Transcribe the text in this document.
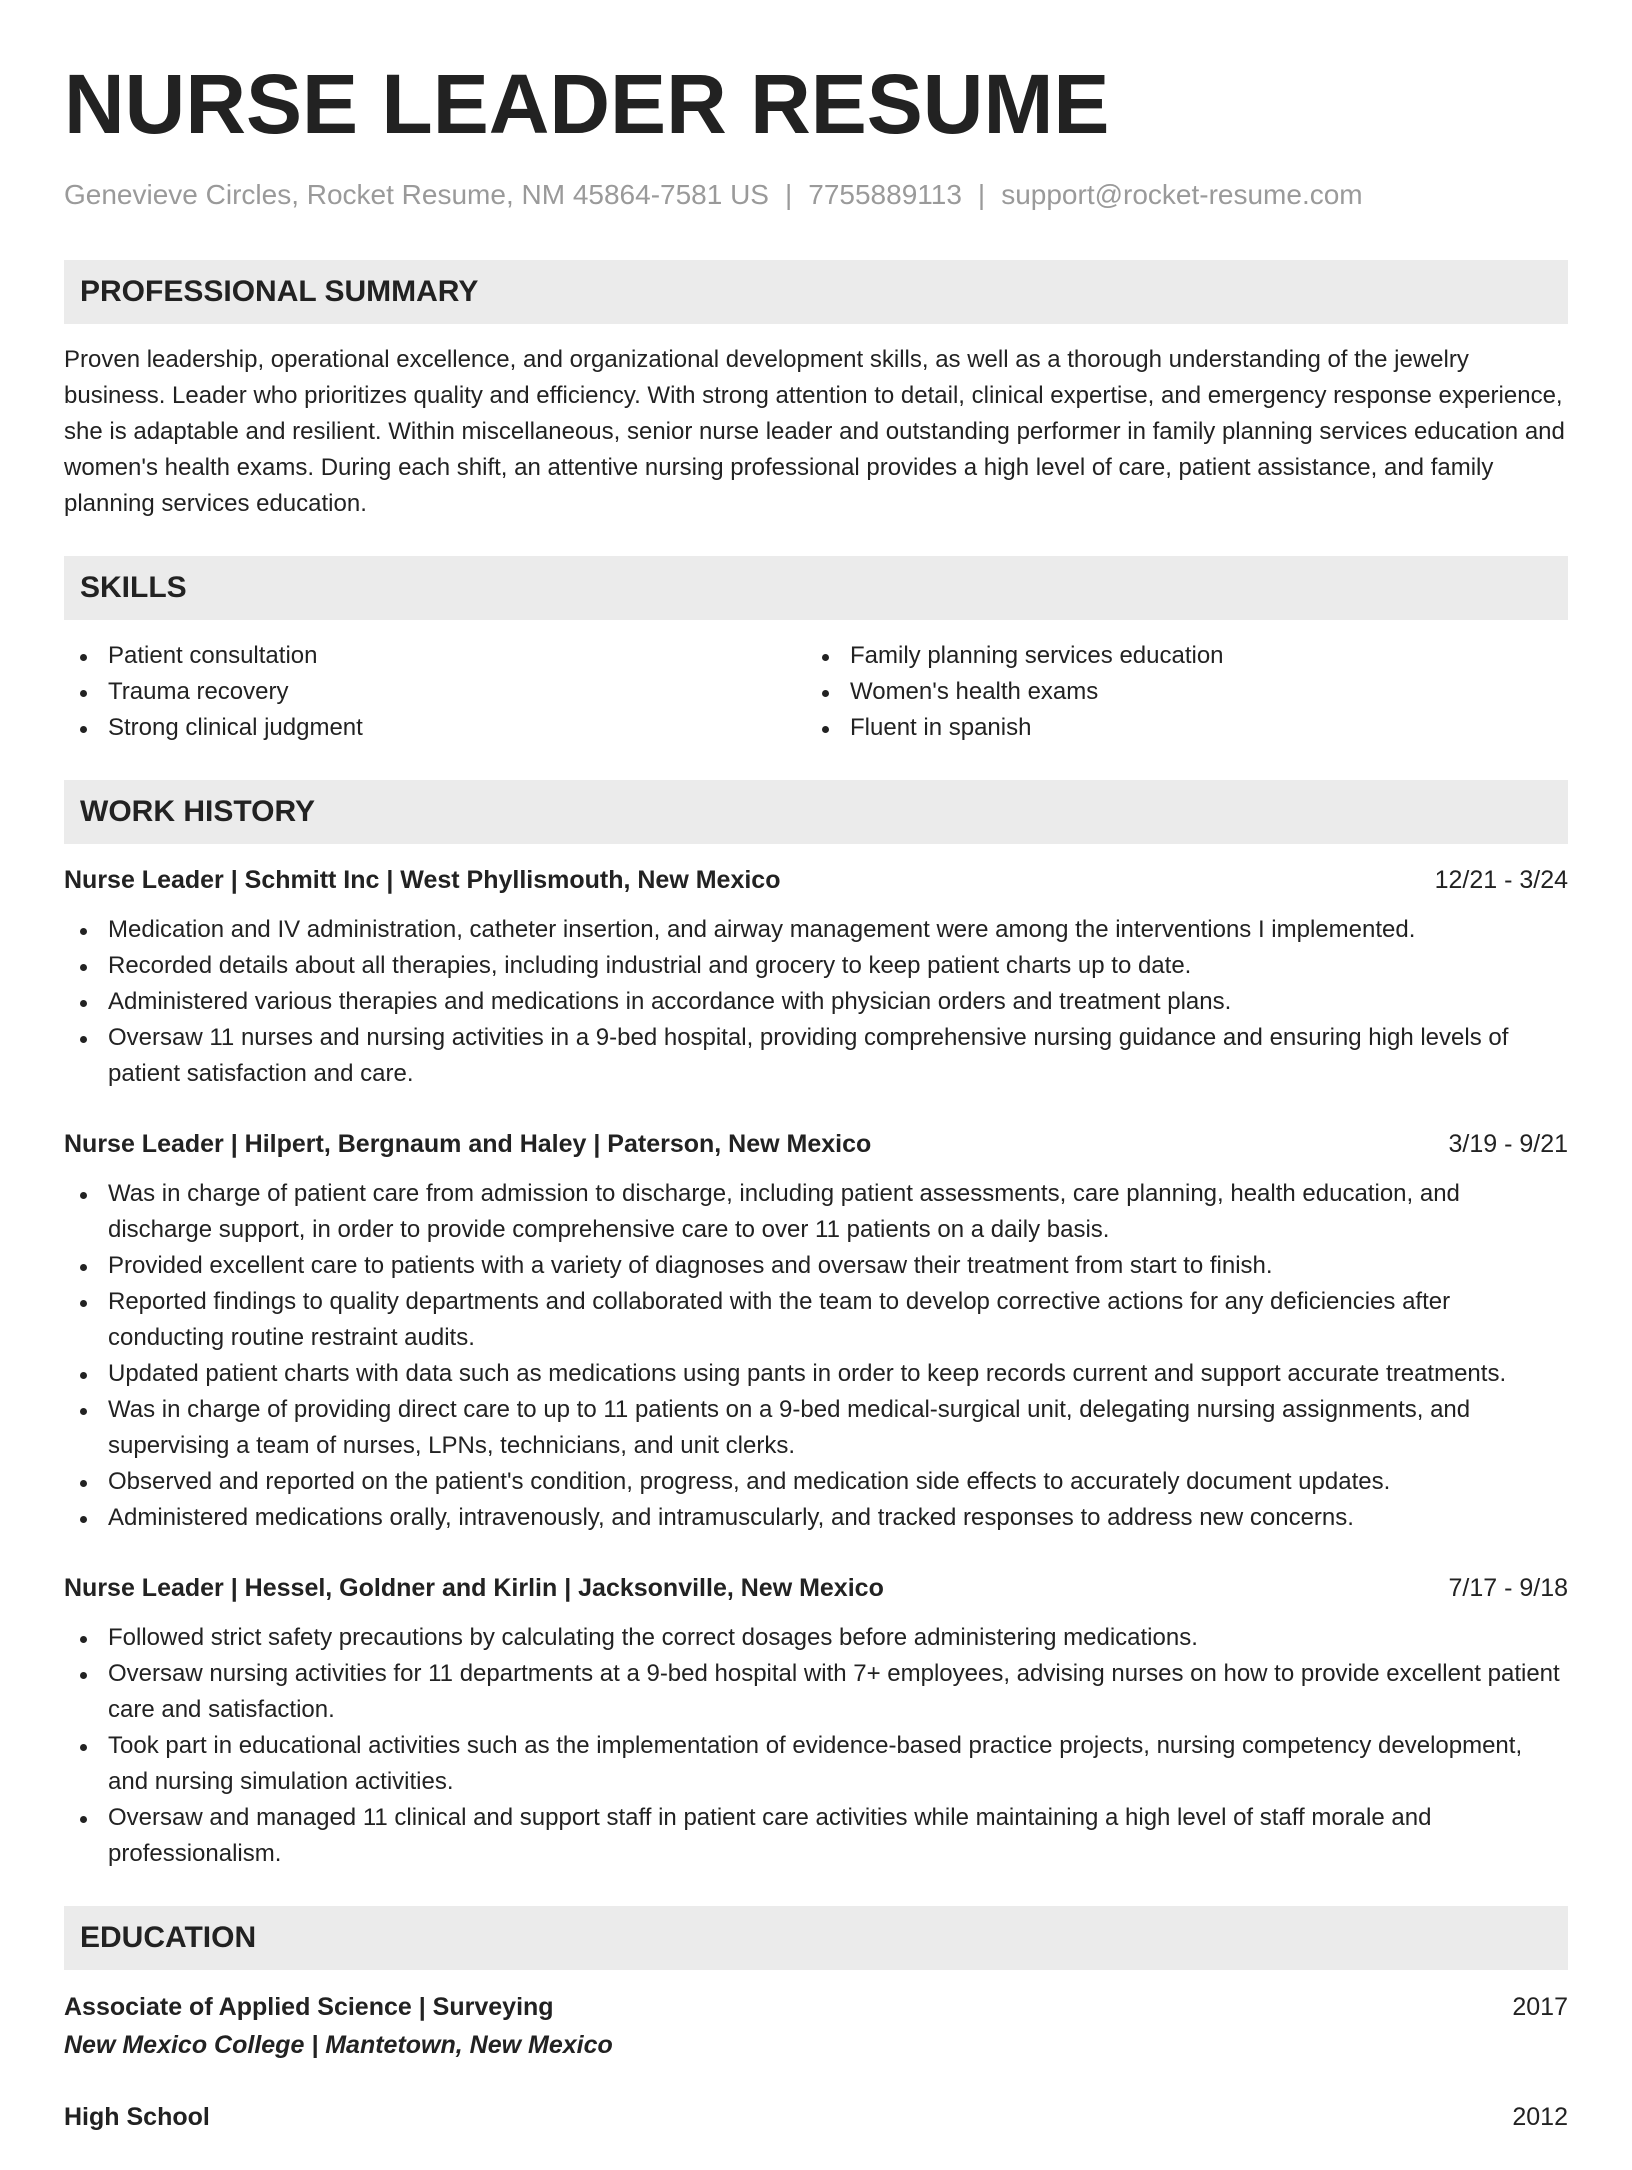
NURSE LEADER RESUME
Genevieve Circles, Rocket Resume, NM 45864-7581 US | 7755889113 | support@rocket-resume.com
PROFESSIONAL SUMMARY

Proven leadership, operational excellence, and organizational development skills, as well as a thorough understanding of the jewelry business. Leader who prioritizes quality and efficiency. With strong attention to detail, clinical expertise, and emergency response experience, she is adaptable and resilient. Within miscellaneous, senior nurse leader and outstanding performer in family planning services education and women's health exams. During each shift, an attentive nursing professional provides a high level of care, patient assistance, and family planning services education.

SKILLS
Patient consultation
Trauma recovery
Strong clinical judgment
Family planning services education
Women's health exams
Fluent in spanish
WORK HISTORY
Nurse Leader | Schmitt Inc | West Phyllismouth, New Mexico	12/21 - 3/24
Medication and IV administration, catheter insertion, and airway management were among the interventions I implemented.
Recorded details about all therapies, including industrial and grocery to keep patient charts up to date.
Administered various therapies and medications in accordance with physician orders and treatment plans.
Oversaw 11 nurses and nursing activities in a 9-bed hospital, providing comprehensive nursing guidance and ensuring high levels of patient satisfaction and care.
Nurse Leader | Hilpert, Bergnaum and Haley | Paterson, New Mexico	3/19 - 9/21
Was in charge of patient care from admission to discharge, including patient assessments, care planning, health education, and discharge support, in order to provide comprehensive care to over 11 patients on a daily basis.
Provided excellent care to patients with a variety of diagnoses and oversaw their treatment from start to finish.
Reported findings to quality departments and collaborated with the team to develop corrective actions for any deficiencies after conducting routine restraint audits.
Updated patient charts with data such as medications using pants in order to keep records current and support accurate treatments.
Was in charge of providing direct care to up to 11 patients on a 9-bed medical-surgical unit, delegating nursing assignments, and supervising a team of nurses, LPNs, technicians, and unit clerks.
Observed and reported on the patient's condition, progress, and medication side effects to accurately document updates.
Administered medications orally, intravenously, and intramuscularly, and tracked responses to address new concerns.
Nurse Leader | Hessel, Goldner and Kirlin | Jacksonville, New Mexico	7/17 - 9/18
Followed strict safety precautions by calculating the correct dosages before administering medications.
Oversaw nursing activities for 11 departments at a 9-bed hospital with 7+ employees, advising nurses on how to provide excellent patient care and satisfaction.
Took part in educational activities such as the implementation of evidence-based practice projects, nursing competency development, and nursing simulation activities.
Oversaw and managed 11 clinical and support staff in patient care activities while maintaining a high level of staff morale and professionalism.
EDUCATION
Associate of Applied Science | Surveying	2017
New Mexico College | Mantetown, New Mexico
High School	2012
